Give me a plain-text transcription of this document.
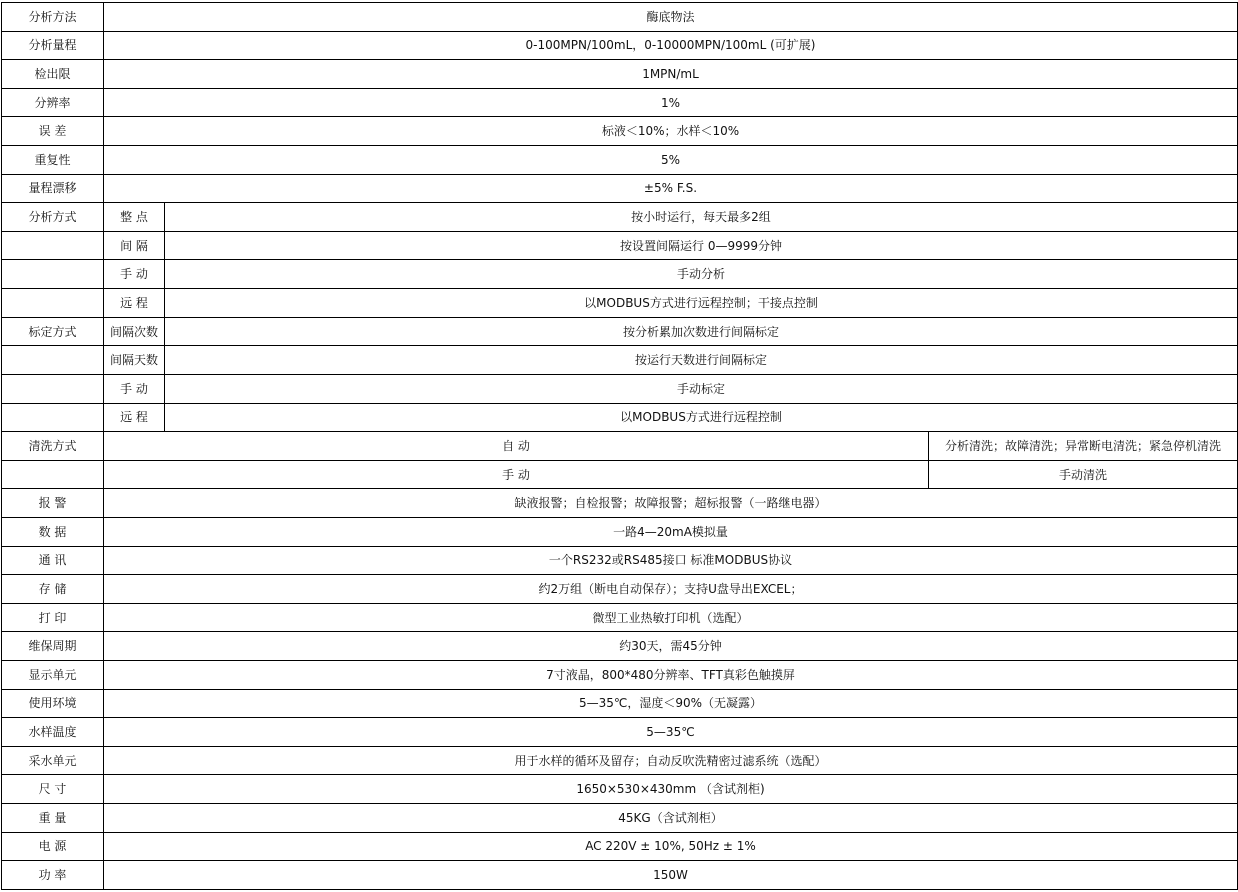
分析方法	酶底物法		
分析量程	0-100MPN/100mL，0-10000MPN/100mL (可扩展)		
检出限	1MPN/mL		
分辨率	1%		
误 差	标液＜10%；水样＜10%		
重复性	5%		
量程漂移	±5% F.S.		
分析方式	整 点	按小时运行，每天最多2组	
	间 隔	按设置间隔运行 0—9999分钟	
	手 动	手动分析	
	远 程	以MODBUS方式进行远程控制；干接点控制	
标定方式	间隔次数	按分析累加次数进行间隔标定	
	间隔天数	按运行天数进行间隔标定	
	手 动	手动标定	
	远 程	以MODBUS方式进行远程控制	
清洗方式	自 动		分析清洗；故障清洗；异常断电清洗；紧急停机清洗
	手 动		手动清洗
报 警	缺液报警；自检报警；故障报警；超标报警（一路继电器）		
数 据	一路4—20mA模拟量		
通 讯	一个RS232或RS485接口 标准MODBUS协议		
存 储	约2万组（断电自动保存）；支持U盘导出EXCEL；		
打 印	微型工业热敏打印机（选配）		
维保周期	约30天，需45分钟		
显示单元	7寸液晶，800*480分辨率、TFT真彩色触摸屏		
使用环境	5—35℃，湿度＜90%（无凝露）		
水样温度	5—35℃		
采水单元	用于水样的循环及留存；自动反吹洗精密过滤系统（选配）		
尺 寸	1650×530×430mm （含试剂柜)		
重 量	45KG（含试剂柜）		
电 源	AC 220V ± 10%, 50Hz ± 1%		
功 率	150W		
